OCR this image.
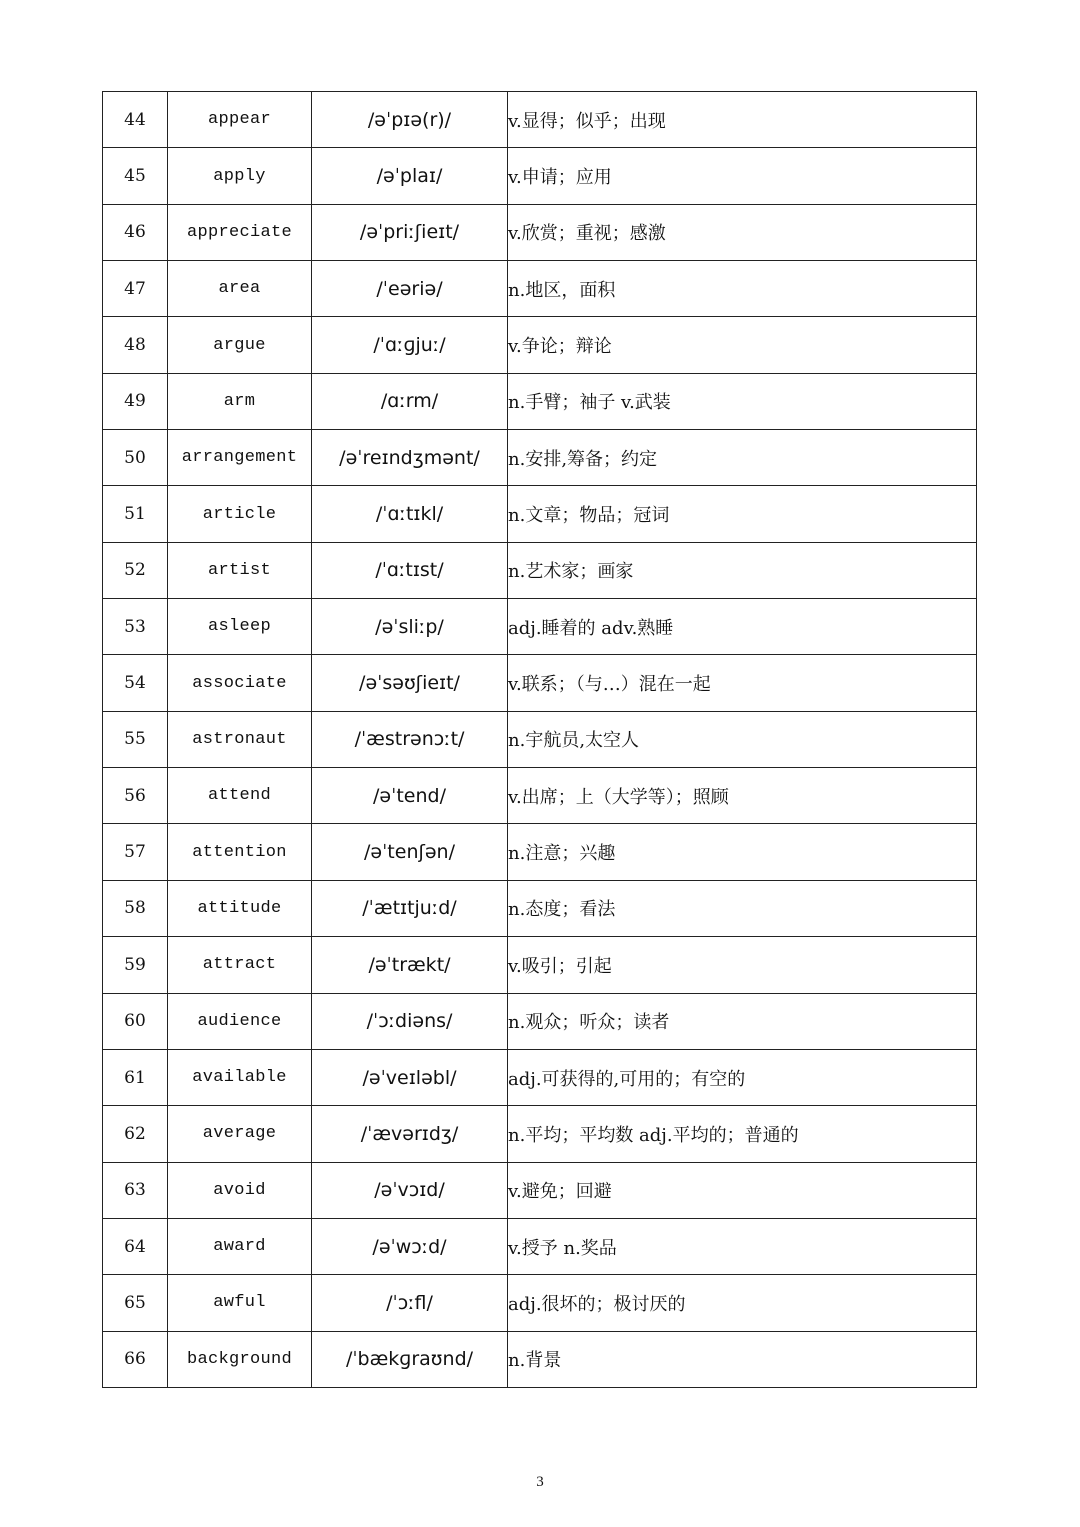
44	appear	/əˈpɪə(r)/	v.显得；似乎；出现
45	apply	/əˈplaɪ/	v.申请；应用
46	appreciate	/əˈpriːʃieɪt/	v.欣赏；重视；感激
47	area	/ˈeəriə/	n.地区，面积
48	argue	/ˈɑːɡjuː/	v.争论；辩论
49	arm	/ɑːrm/	n.手臂；袖子 v.武装
50	arrangement	/əˈreɪndʒmənt/	n.安排,筹备；约定
51	article	/ˈɑːtɪkl/	n.文章；物品；冠词
52	artist	/ˈɑːtɪst/	n.艺术家；画家
53	asleep	/əˈsliːp/	adj.睡着的 adv.熟睡
54	associate	/əˈsəʊʃieɪt/	v.联系；（与…）混在一起
55	astronaut	/ˈæstrənɔːt/	n.宇航员,太空人
56	attend	/əˈtend/	v.出席；上（大学等）；照顾
57	attention	/əˈtenʃən/	n.注意；兴趣
58	attitude	/ˈætɪtjuːd/	n.态度；看法
59	attract	/əˈtrækt/	v.吸引；引起
60	audience	/ˈɔːdiəns/	n.观众；听众；读者
61	available	/əˈveɪləbl/	adj.可获得的,可用的；有空的
62	average	/ˈævərɪdʒ/	n.平均；平均数 adj.平均的；普通的
63	avoid	/əˈvɔɪd/	v.避免；回避
64	award	/əˈwɔːd/	v.授予 n.奖品
65	awful	/ˈɔːfl/	adj.很坏的；极讨厌的
66	background	/ˈbækɡraʊnd/	n.背景
3
